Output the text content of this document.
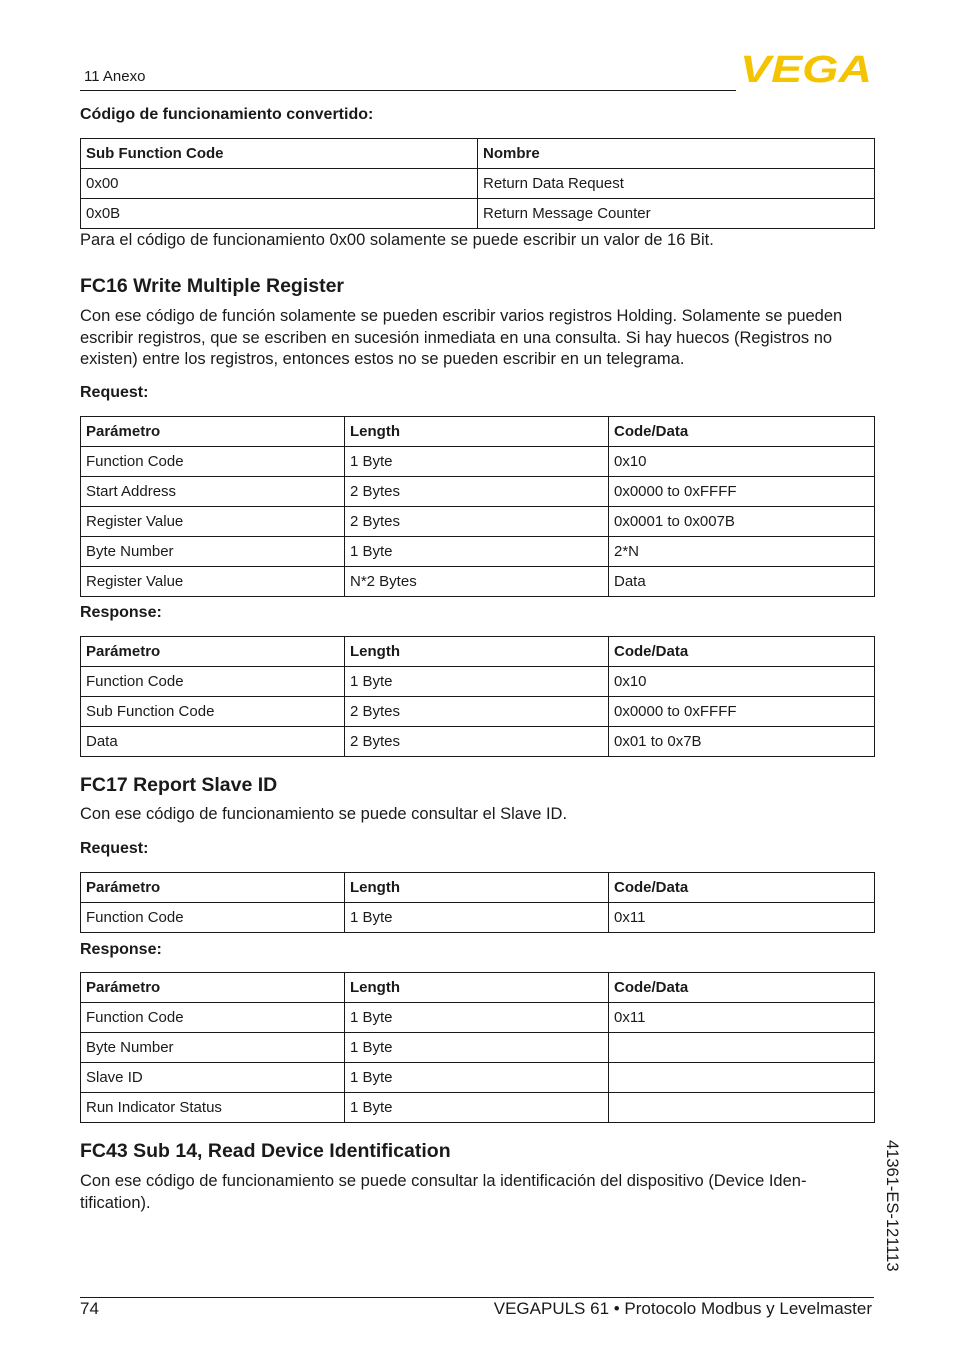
11 Anexo	VEGA
Código de funcionamiento convertido:
Sub Function Code	Nombre
0x00	Return Data Request
0x0B	Return Message Counter
Para el código de funcionamiento 0x00 solamente se puede escribir un valor de 16 Bit.
FC16 Write Multiple Register
Con ese código de función solamente se pueden escribir varios registros Holding. Solamente se pueden escribir registros, que se escriben en sucesión inmediata en una consulta. Si hay huecos (Registros no existen) entre los registros, entonces estos no se pueden escribir en un telegrama.
Request:
Parámetro	Length	Code/Data
Function Code	1 Byte	0x10
Start Address	2 Bytes	0x0000 to 0xFFFF
Register Value	2 Bytes	0x0001 to 0x007B
Byte Number	1 Byte	2*N
Register Value	N*2 Bytes	Data
Response:
Parámetro	Length	Code/Data
Function Code	1 Byte	0x10
Sub Function Code	2 Bytes	0x0000 to 0xFFFF
Data	2 Bytes	0x01 to 0x7B
FC17 Report Slave ID
Con ese código de funcionamiento se puede consultar el Slave ID.
Request:
Parámetro	Length	Code/Data
Function Code	1 Byte	0x11
Response:
Parámetro	Length	Code/Data
Function Code	1 Byte	0x11
Byte Number	1 Byte	
Slave ID	1 Byte	
Run Indicator Status	1 Byte	
FC43 Sub 14, Read Device Identification
Con ese código de funcionamiento se puede consultar la identificación del dispositivo (Device Iden-
tification).	41361-ES-121113
74	VEGAPULS 61 • Protocolo Modbus y Levelmaster
